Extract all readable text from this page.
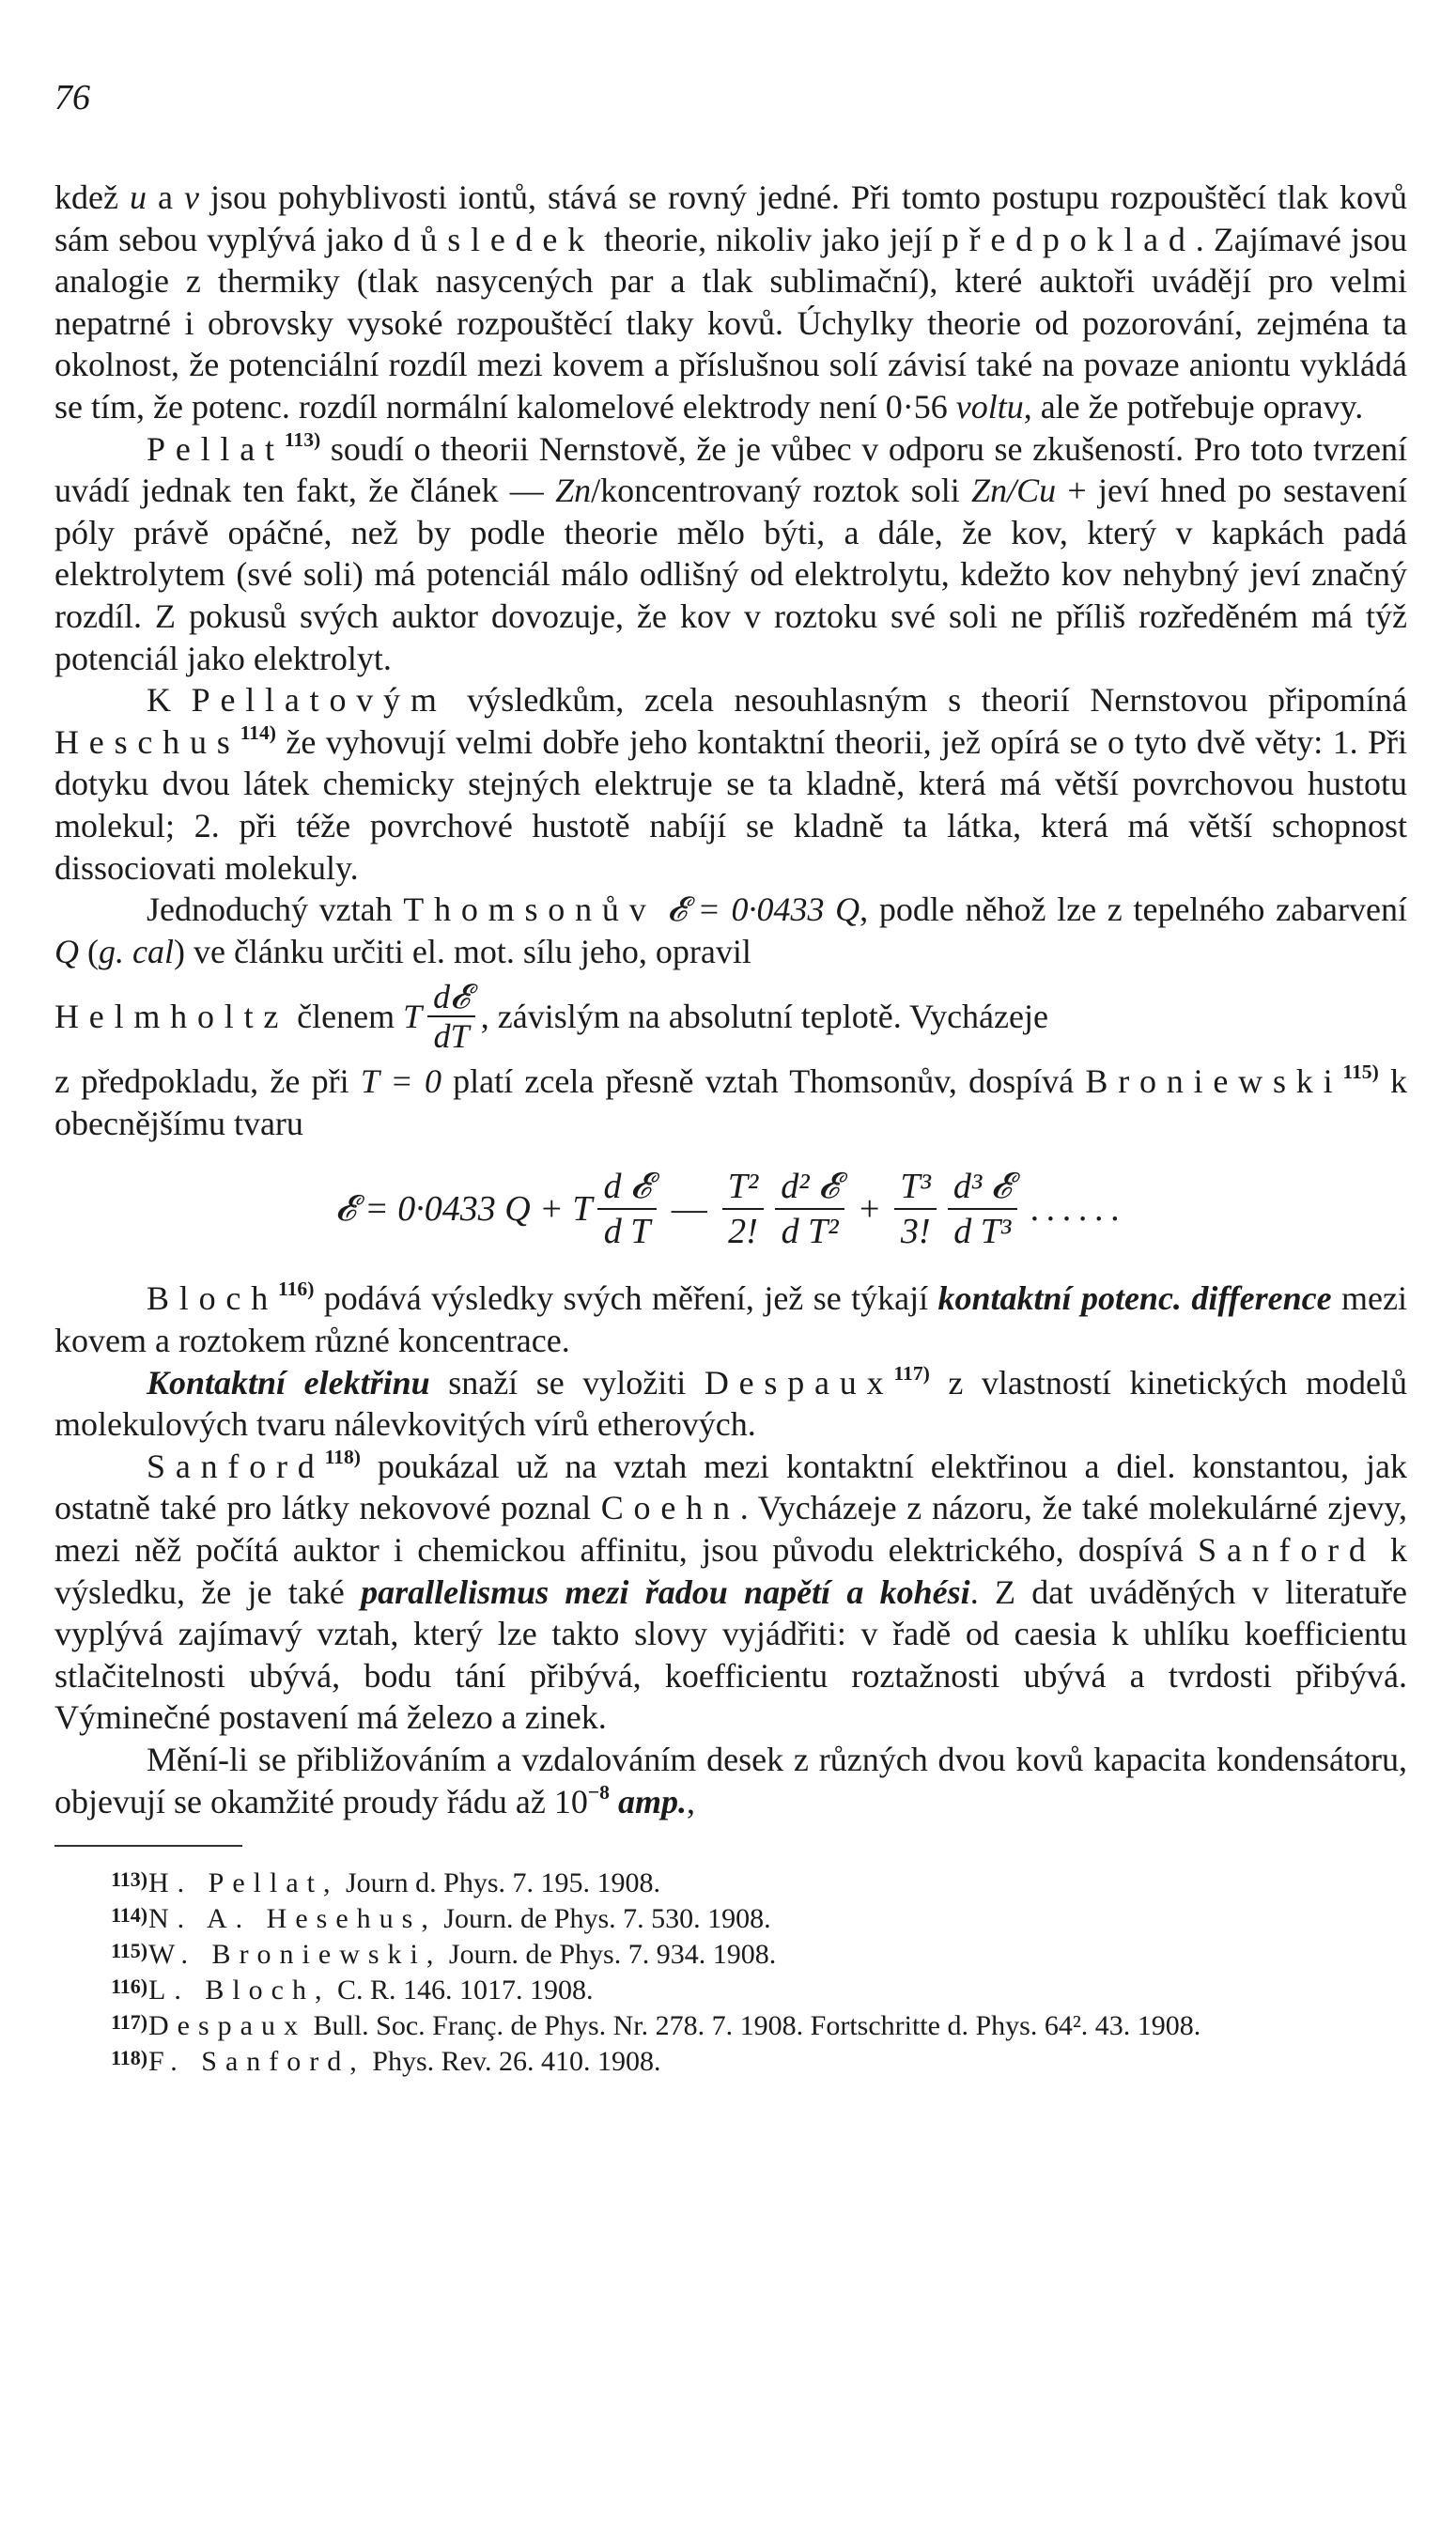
76

kdež u a v jsou pohyblivosti iontů, stává se rovný jedné. Při tomto postupu rozpouštěcí tlak kovů sám sebou vyplývá jako důsledek theorie, nikoliv jako její předpoklad. Zajímavé jsou analogie z thermiky (tlak nasycených par a tlak sublimační), které auktoři uvádějí pro velmi nepatrné i obrovsky vysoké rozpouštěcí tlaky kovů. Úchylky theorie od pozorování, zejména ta okolnost, že potenciální rozdíl mezi kovem a příslušnou solí závisí také na povaze aniontu vykládá se tím, že potenc. rozdíl normální kalomelové elektrody není 0·56 voltu, ale že potřebuje opravy.

Pellat$^{113)}$ soudí o theorii Nernstově, že je vůbec v odporu se zkušeností. Pro toto tvrzení uvádí jednak ten fakt, že článek — Zn/koncentrovaný roztok soli Zn/Cu + jeví hned po sestavení póly právě opáčné, než by podle theorie mělo býti, a dále, že kov, který v kapkách padá elektrolytem (své soli) má potenciál málo odlišný od elektrolytu, kdežto kov nehybný jeví značný rozdíl. Z pokusů svých auktor dovozuje, že kov v roztoku své soli ne příliš rozředěném má týž potenciál jako elektrolyt.

K Pellatovým výsledkům, zcela nesouhlasným s theorií Nernstovou připomíná Heschus$^{114)}$ že vyhovují velmi dobře jeho kontaktní theorii, jež opírá se o tyto dvě věty: 1. Při dotyku dvou látek chemicky stejných elektruje se ta kladně, která má větší povrchovou hustotu molekul; 2. při téže povrchové hustotě nabíjí se kladně ta látka, která má větší schopnost dissociovati molekuly.

Jednoduchý vztah Thomsonův 𝓔 = 0·0433 Q, podle něhož lze z tepelného zabarvení Q (g. cal) ve článku určiti el. mot. sílu jeho, opravil

Helmholtz členem T $\frac{\text{d𝓔}}{dT}$ , závislým na absolutní teplotě. Vycházeje

z předpokladu, že při T = 0 platí zcela přesně vztah Thomsonův, dospívá Broniewski$^{115)}$ k obecnějšímu tvaru

𝓔 = 0·0433 Q + T $\frac{\text{d 𝓔}}{\text{d T}}$ — $\frac{\text{T²}}{2!} \frac{\text{d² 𝓔}}{\text{d T²}} + \frac{\text{T³}}{3!} \frac{\text{d³ 𝓔}}{\text{d T³}}$ ......

Bloch$^{116)}$ podává výsledky svých měření, jež se týkají kontaktní potenc. difference mezi kovem a roztokem různé koncentrace.

Kontaktní elektřinu snaží se vyložiti Despaux$^{117)}$ z vlastností kinetických modelů molekulových tvaru nálevkovitých vírů etherových.

Sanford$^{118)}$ poukázal už na vztah mezi kontaktní elektřinou a diel. konstantou, jak ostatně také pro látky nekovové poznal Coehn. Vycházeje z názoru, že také molekulárné zjevy, mezi něž počítá auktor i chemickou affinitu, jsou původu elektrického, dospívá Sanford k výsledku, že je také parallelismus mezi řadou napětí a kohési. Z dat uváděných v literatuře vyplývá zajímavý vztah, který lze takto slovy vyjádřiti: v řadě od caesia k uhlíku koefficientu stlačitelnosti ubývá, bodu tání přibývá, koefficientu roztažnosti ubývá a tvrdosti přibývá. Výminečné postavení má železo a zinek.

Mění-li se přibližováním a vzdalováním desek z různých dvou kovů kapacita kondensátoru, objevují se okamžité proudy řádu až $10^{-8}$ amp.,

113)H. Pellat, Journ d. Phys. 7. 195. 1908.

114)N. A. Hesehus, Journ. de Phys. 7. 530. 1908.

115)W. Broniewski, Journ. de Phys. 7. 934. 1908.

116)L. Bloch, C. R. 146. 1017. 1908.

117)Despaux Bull. Soc. Franç. de Phys. Nr. 278. 7. 1908. Fortschritte d. Phys. 64². 43. 1908.

118)F. Sanford, Phys. Rev. 26. 410. 1908.
